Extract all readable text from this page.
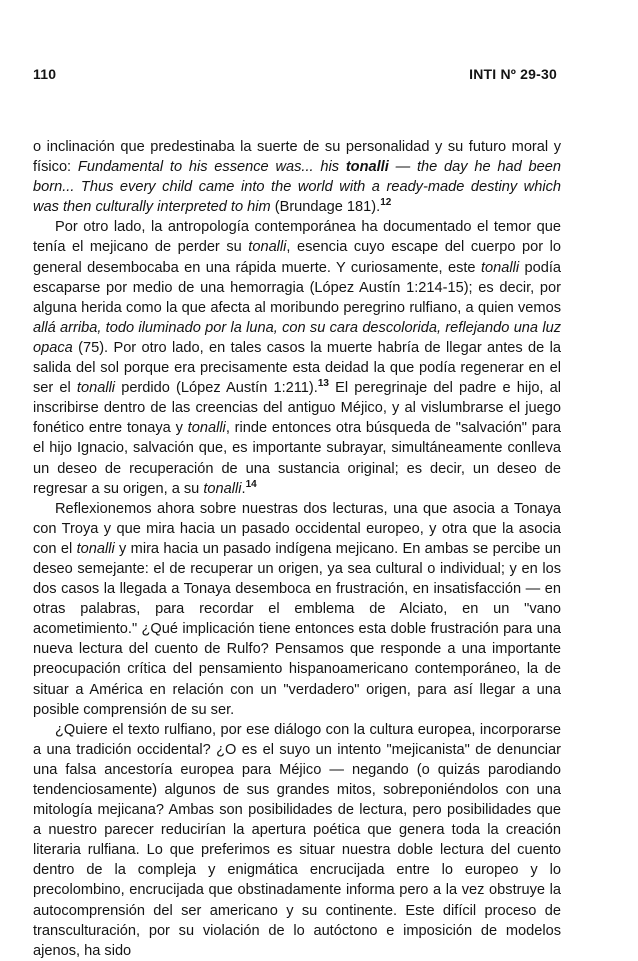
110	INTI Nº 29-30

o inclinación que predestinaba la suerte de su personalidad y su futuro moral y físico: Fundamental to his essence was... his tonalli — the day he had been born... Thus every child came into the world with a ready-made destiny which was then culturally interpreted to him (Brundage 181).$^{12}$

Por otro lado, la antropología contemporánea ha documentado el temor que tenía el mejicano de perder su tonalli, esencia cuyo escape del cuerpo por lo general desembocaba en una rápida muerte. Y curiosamente, este tonalli podía escaparse por medio de una hemorragia (López Austín 1:214-15); es decir, por alguna herida como la que afecta al moribundo peregrino rulfiano, a quien vemos allá arriba, todo iluminado por la luna, con su cara descolorida, reflejando una luz opaca (75). Por otro lado, en tales casos la muerte habría de llegar antes de la salida del sol porque era precisamente esta deidad la que podía regenerar en el ser el tonalli perdido (López Austín 1:211).$^{13}$ El peregrinaje del padre e hijo, al inscribirse dentro de las creencias del antiguo Méjico, y al vislumbrarse el juego fonético entre tonaya y tonalli, rinde entonces otra búsqueda de "salvación" para el hijo Ignacio, salvación que, es importante subrayar, simultáneamente conlleva un deseo de recuperación de una sustancia original; es decir, un deseo de regresar a su origen, a su tonalli.$^{14}$

Reflexionemos ahora sobre nuestras dos lecturas, una que asocia a Tonaya con Troya y que mira hacia un pasado occidental europeo, y otra que la asocia con el tonalli y mira hacia un pasado indígena mejicano. En ambas se percibe un deseo semejante: el de recuperar un origen, ya sea cultural o individual; y en los dos casos la llegada a Tonaya desemboca en frustración, en insatisfacción — en otras palabras, para recordar el emblema de Alciato, en un "vano acometimiento." ¿Qué implicación tiene entonces esta doble frustración para una nueva lectura del cuento de Rulfo? Pensamos que responde a una importante preocupación crítica del pensamiento hispanoamericano contemporáneo, la de situar a América en relación con un "verdadero" origen, para así llegar a una posible comprensión de su ser.

¿Quiere el texto rulfiano, por ese diálogo con la cultura europea, incorporarse a una tradición occidental? ¿O es el suyo un intento "mejicanista" de denunciar una falsa ancestoría europea para Méjico — negando (o quizás parodiando tendenciosamente) algunos de sus grandes mitos, sobreponiéndolos con una mitología mejicana? Ambas son posibilidades de lectura, pero posibilidades que a nuestro parecer reducirían la apertura poética que genera toda la creación literaria rulfiana. Lo que preferimos es situar nuestra doble lectura del cuento dentro de la compleja y enigmática encrucijada entre lo europeo y lo precolombino, encrucijada que obstinadamente informa pero a la vez obstruye la autocomprensión del ser americano y su continente. Este difícil proceso de transculturación, por su violación de lo autóctono e imposición de modelos ajenos, ha sido
